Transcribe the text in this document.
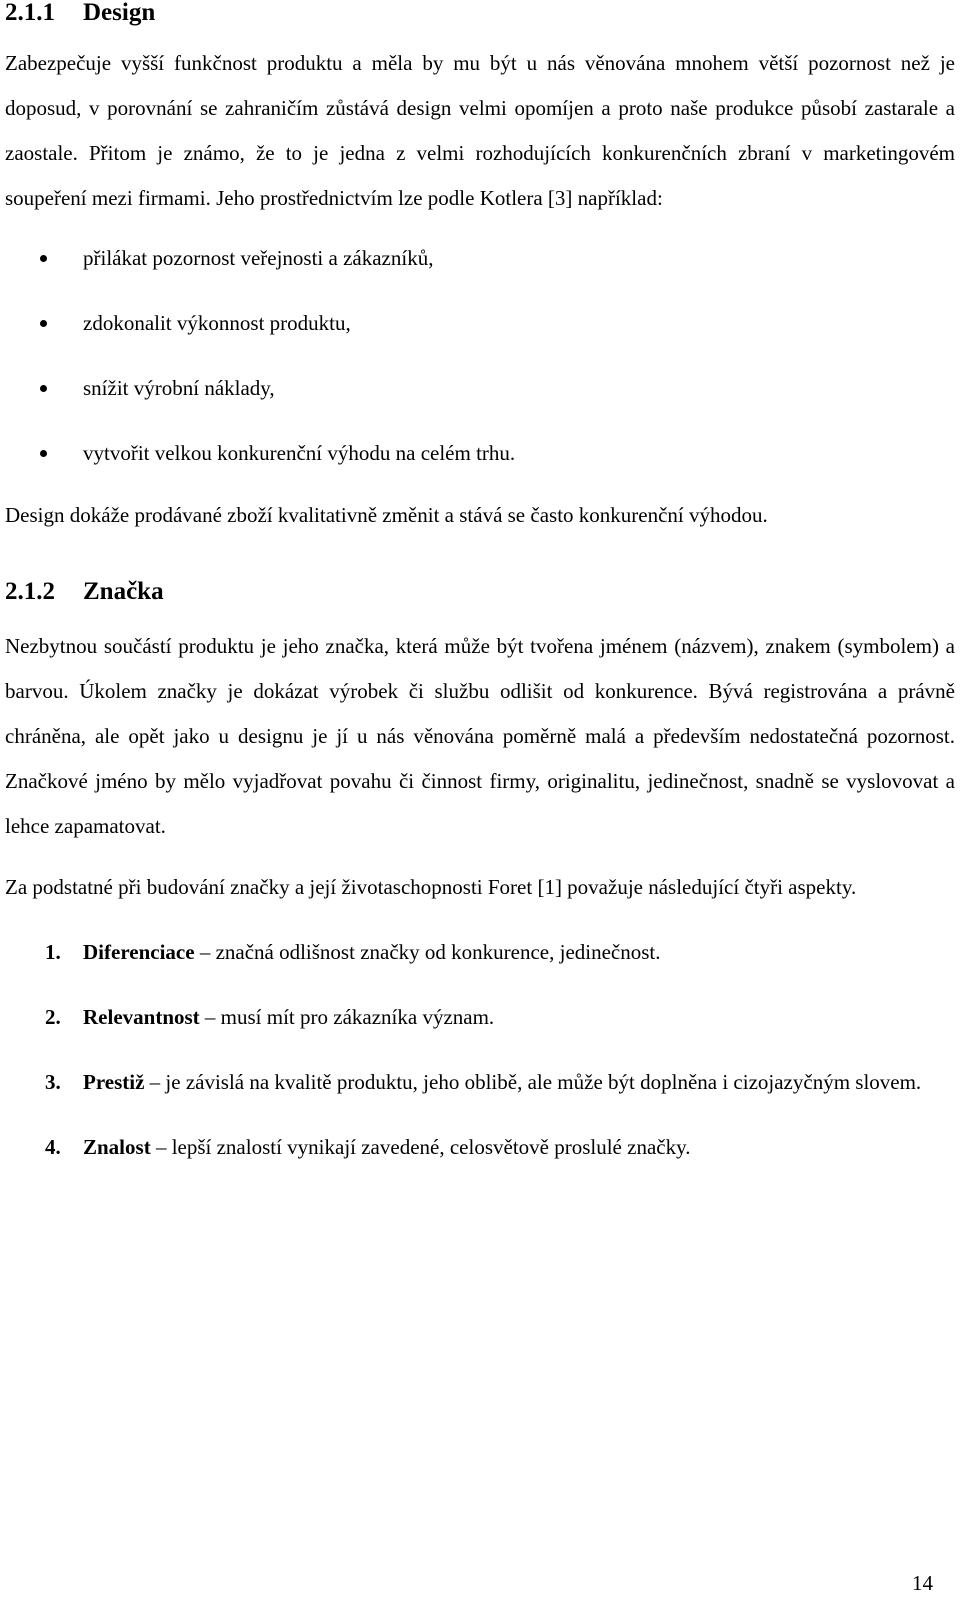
2.1.1 Design

Zabezpečuje vyšší funkčnost produktu a měla by mu být u nás věnována mnohem větší pozornost než je doposud, v porovnání se zahraničím zůstává design velmi opomíjen a proto naše produkce působí zastarale a zaostale. Přitom je známo, že to je jedna z velmi rozhodujících konkurenčních zbraní v marketingovém soupeření mezi firmami. Jeho prostřednictvím lze podle Kotlera [3] například:

přilákat pozornost veřejnosti a zákazníků,
zdokonalit výkonnost produktu,
snížit výrobní náklady,
vytvořit velkou konkurenční výhodu na celém trhu.

Design dokáže prodávané zboží kvalitativně změnit a stává se často konkurenční výhodou.

2.1.2 Značka

Nezbytnou součástí produktu je jeho značka, která může být tvořena jménem (názvem), znakem (symbolem) a barvou. Úkolem značky je dokázat výrobek či službu odlišit od konkurence. Bývá registrována a právně chráněna, ale opět jako u designu je jí u nás věnována poměrně malá a především nedostatečná pozornost. Značkové jméno by mělo vyjadřovat povahu či činnost firmy, originalitu, jedinečnost, snadně se vyslovovat a lehce zapamatovat.

Za podstatné při budování značky a její životaschopnosti Foret [1] považuje následující čtyři aspekty.

1. Diferenciace – značná odlišnost značky od konkurence, jedinečnost.
2. Relevantnost – musí mít pro zákazníka význam.
3. Prestiž – je závislá na kvalitě produktu, jeho oblibě, ale může být doplněna i cizojazyčným slovem.
4. Znalost – lepší znalostí vynikají zavedené, celosvětově proslulé značky.
14
